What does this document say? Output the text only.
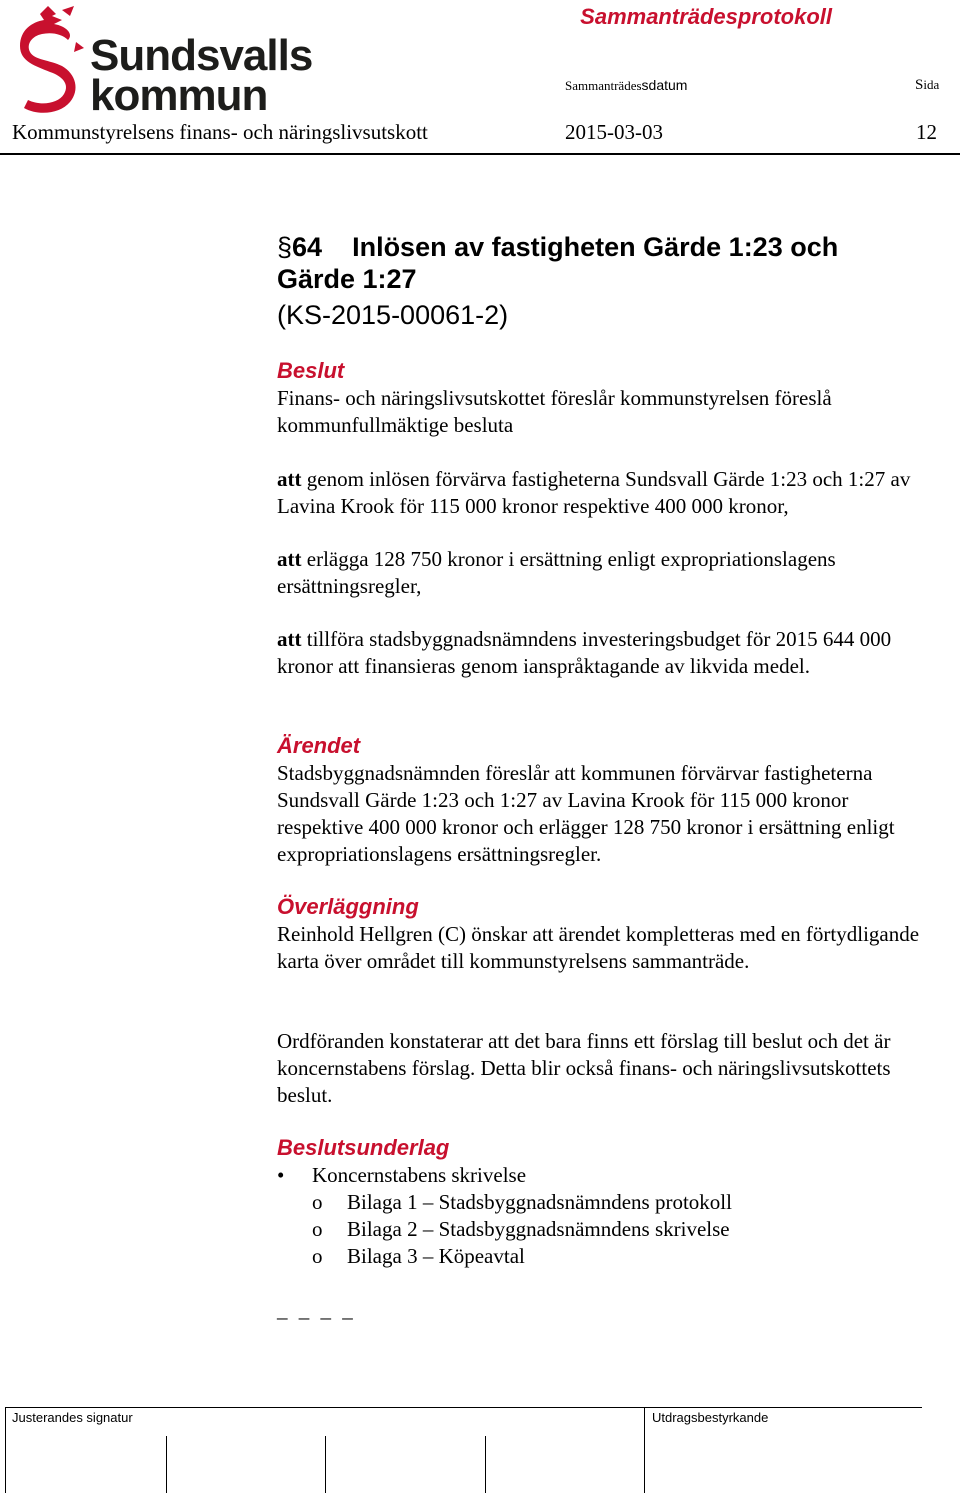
Sundsvalls
kommun
Sammanträdesprotokoll
Sammanträdessdatum	Sida
Kommunstyrelsens finans- och näringslivsutskott	2015-03-03	12
§64    Inlösen av fastigheten Gärde 1:23 och
Gärde 1:27
(KS-2015-00061-2)
Beslut

Finans- och näringslivsutskottet föreslår kommunstyrelsen föreslå kommunfullmäktige besluta

att genom inlösen förvärva fastigheterna Sundsvall Gärde 1:23 och 1:27 av Lavina Krook för 115 000 kronor respektive 400 000 kronor,

att erlägga 128 750 kronor i ersättning enligt expropriationslagens ersättningsregler,

att tillföra stadsbyggnadsnämndens investeringsbudget för 2015 644 000 kronor att finansieras genom ianspråktagande av likvida medel.

Ärendet

Stadsbyggnadsnämnden föreslår att kommunen förvärvar fastigheterna Sundsvall Gärde 1:23 och 1:27 av Lavina Krook för 115 000 kronor respektive 400 000 kronor och erlägger 128 750 kronor i ersättning enligt expropriationslagens ersättningsregler.

Överläggning

Reinhold Hellgren (C) önskar att ärendet kompletteras med en förtydligande karta över området till kommunstyrelsens sammanträde.

Ordföranden konstaterar att det bara finns ett förslag till beslut och det är koncernstabens förslag. Detta blir också finans- och näringslivsutskottets beslut.

Beslutsunderlag
• Koncernstabens skrivelse
o Bilaga 1 – Stadsbyggnadsnämndens protokoll
o Bilaga 2 – Stadsbyggnadsnämndens skrivelse
o Bilaga 3 – Köpeavtal
_ _ _ _
Justerandes signatur	Utdragsbestyrkande
